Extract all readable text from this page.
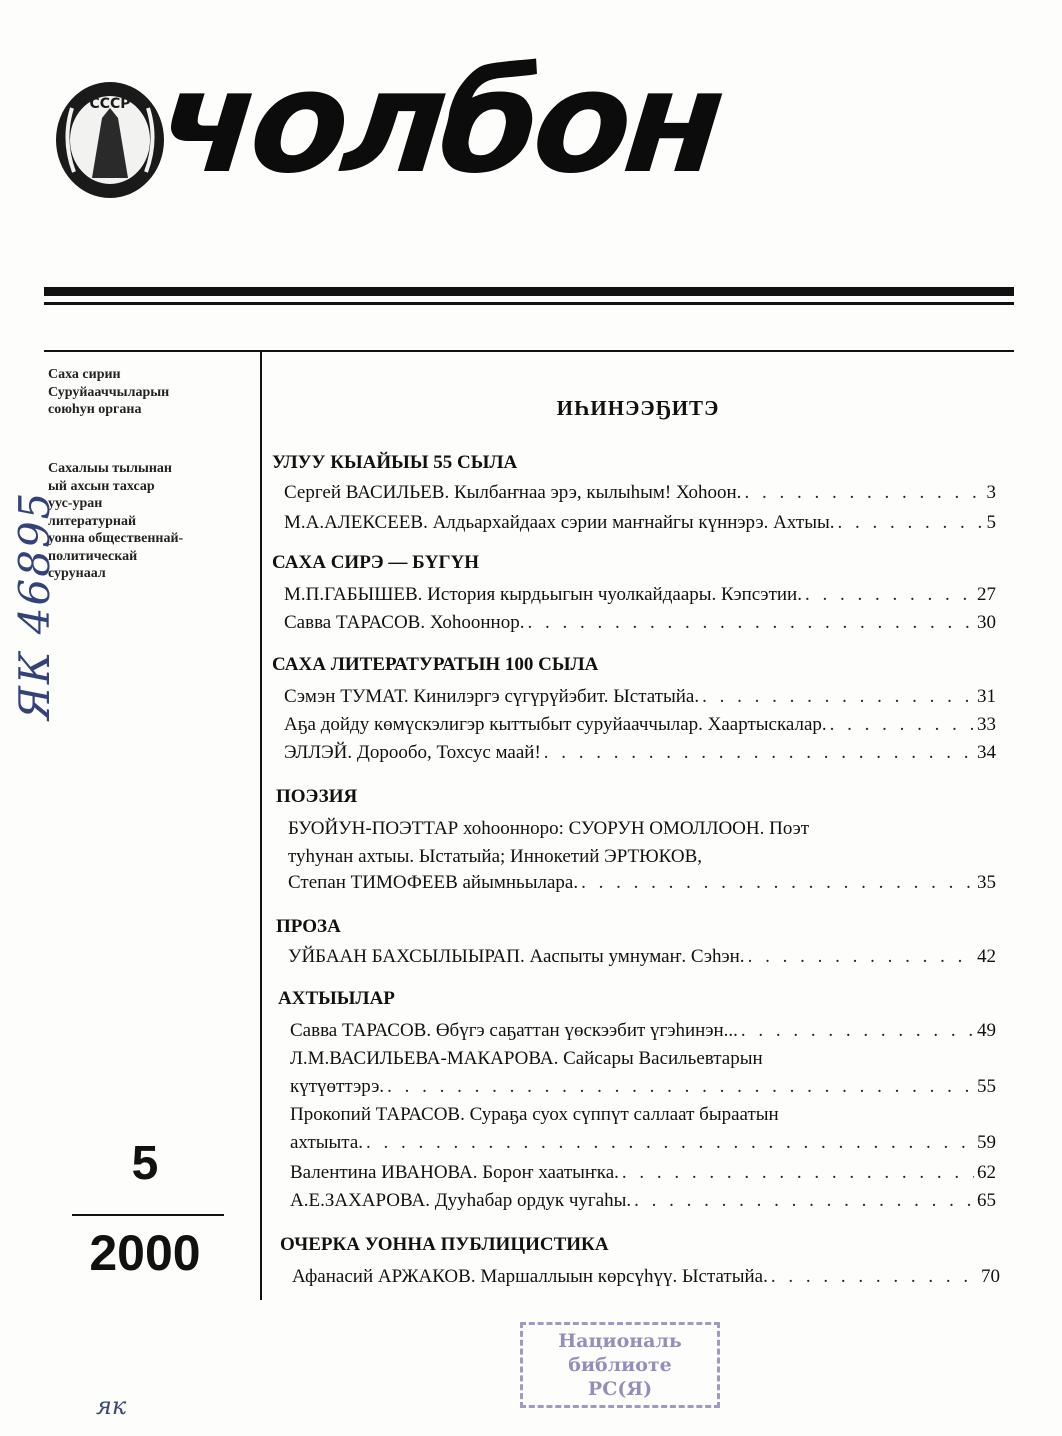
СССР чолбон
Саха сирин
Суруйааччыларын
союһун органа
Сахалыы тылынан
ый ахсын тахсар
уус-уран
литературнай
уонна общественнай-
политическай
сурунаал
ЯК 46895
5
2000
ИҺИНЭЭҔИТЭ
УЛУУ КЫАЙЫЫ 55 СЫЛА
Сергей ВАСИЛЬЕВ. Кылбаҥнаа эрэ, кылыһым! Хоһоон. . . .	3
М.А.АЛЕКСЕЕВ. Алдьархайдаах сэрии маҥнайгы күннэрэ. Ахтыы. . . .	5
САХА СИРЭ — БҮГҮН
М.П.ГАБЫШЕВ. История кырдьыгын чуолкайдаары. Кэпсэтии. . . .	27
Савва ТАРАСОВ. Хоһооннор. . . .	30
САХА ЛИТЕРАТУРАТЫН 100 СЫЛА
Сэмэн ТУМАТ. Кинилэргэ сүгүрүйэбит. Ыстатыйа. . . .	31
Аҕа дойду көмүскэлигэр кыттыбыт суруйааччылар. Хаартыскалар. . . .	33
ЭЛЛЭЙ. Дорообо, Тохсус маай! . . .	34
ПОЭЗИЯ
БУОЙУН-ПОЭТТАР хоһооннoро: СУОРУН ОМОЛЛООН. Поэт
туһунан ахтыы. Ыстатыйа; Иннокетий ЭРТЮКОВ,
Степан ТИМОФЕЕВ айымньылара. . . .	35
ПРОЗА
УЙБААН БАХСЫЛЫЫРАП. Ааспыты умнумаҥ. Сэһэн. . . .	42
АХТЫЫЛАР
Савва ТАРАСОВ. Өбүгэ саҕаттан үөскээбит үгэһинэн... . . .	49
Л.М.ВАСИЛЬЕВА-МАКАРОВА. Сайсары Васильевтарын
күтүөттэрэ. . . .	55
Прокопий ТАРАСОВ. Сураҕа суох сүппүт саллаат бырaатын
ахтыыта. . . .	59
Валентина ИВАНОВА. Бороҥ хаатыҥка. . . .	62
А.Е.ЗАХАРОВА. Дууһабар ордук чугаһы. . . .	65
ОЧЕРКА УОННА ПУБЛИЦИСТИКА
Афанасий АРЖАКОВ. Маршаллыын көрсүһүү. Ыстатыйа. . . .	70
Националь
библиоте
РС(Я)
як
